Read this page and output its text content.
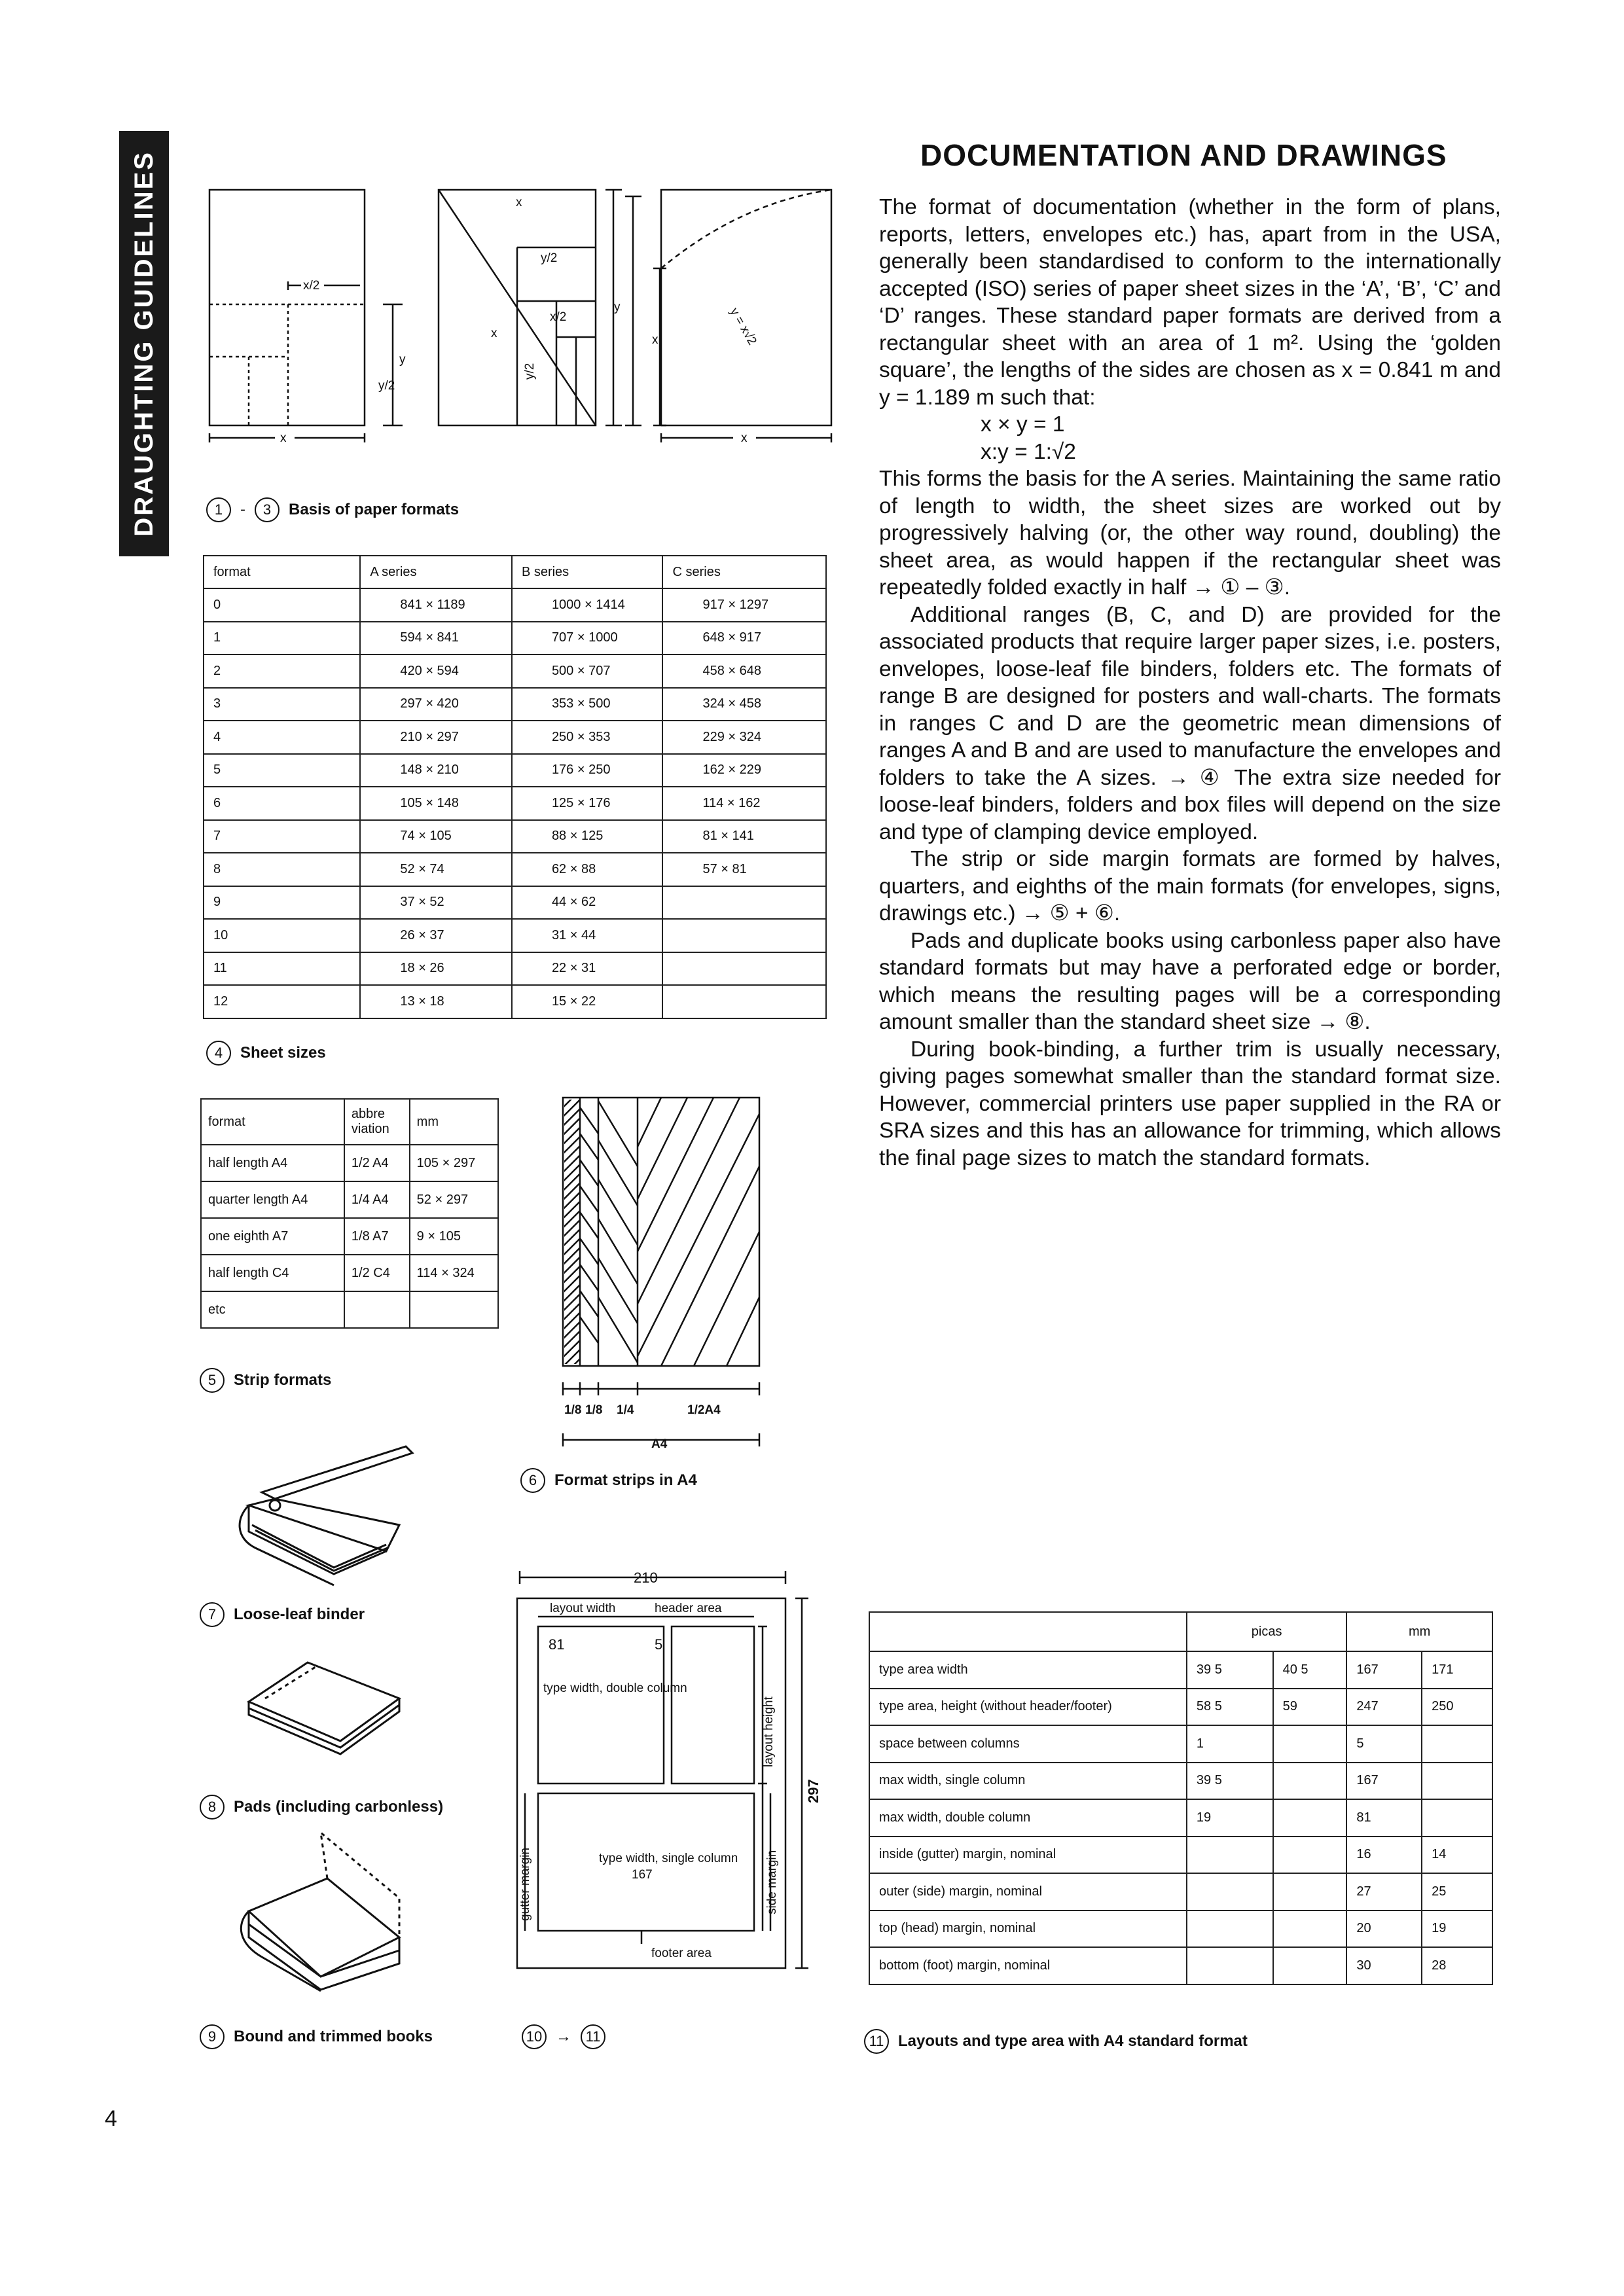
DRAUGHTING GUIDELINES	DOCUMENTATION AND DRAWINGS

The format of documentation (whether in the form of plans, reports, letters, envelopes etc.) has, apart from in the USA, generally been standardised to conform to the internationally accepted (ISO) series of paper sheet sizes in the ‘A’, ‘B’, ‘C’ and ‘D’ ranges. These standard paper formats are derived from a rectangular sheet with an area of 1 m². Using the ‘golden square’, the lengths of the sides are chosen as x = 0.841 m and y = 1.189 m such that:

x × y = 1

x:y = 1:√2

This forms the basis for the A series. Maintaining the same ratio of length to width, the sheet sizes are worked out by progressively halving (or, the other way round, doubling) the sheet area, as would happen if the rectangular sheet was repeatedly folded exactly in half → ① – ③.

Additional ranges (B, C, and D) are provided for the associated products that require larger paper sizes, i.e. posters, envelopes, loose-leaf file binders, folders etc. The formats of range B are designed for posters and wall-charts. The formats in ranges C and D are the geometric mean dimensions of ranges A and B and are used to manufacture the envelopes and folders to take the A sizes. → ④ The extra size needed for loose-leaf binders, folders and box files will depend on the size and type of clamping device employed.

The strip or side margin formats are formed by halves, quarters, and eighths of the main formats (for envelopes, signs, drawings etc.) → ⑤ + ⑥.

Pads and duplicate books using carbonless paper also have standard formats but may have a perforated edge or border, which means the resulting pages will be a corresponding amount smaller than the standard sheet size → ⑧.

During book-binding, a further trim is usually necessary, giving pages somewhat smaller than the standard format size. However, commercial printers use paper supplied in the RA or SRA sizes and this has an allowance for trimming, which allows the final page sizes to match the standard formats.

x
x/2
y
y/2
x
y/2
x/2
x
y
y/2
x	y = x√2
x
1	-	3	Basis of paper formats
format	A series	B series	C series
0	841 × 1189	1000 × 1414	917 × 1297
1	594 × 841	707 × 1000	648 × 917
2	420 × 594	500 × 707	458 × 648
3	297 × 420	353 × 500	324 × 458
4	210 × 297	250 × 353	229 × 324
5	148 × 210	176 × 250	162 × 229
6	105 × 148	125 × 176	114 × 162
7	74 × 105	88 × 125	81 × 141
8	52 × 74	62 × 88	57 × 81
9	37 × 52	44 × 62	
10	26 × 37	31 × 44	
11	18 × 26	22 × 31	
12	13 × 18	15 × 22	
4	Sheet sizes
format	abbre viation	mm
half length A4	1/2 A4	105 × 297
quarter length A4	1/4 A4	52 × 297
one eighth A7	1/8 A7	9 × 105
half length C4	1/2 C4	114 × 324
etc		
5	Strip formats
1/8 1/8 1/4	1/2A4
A4
6	Format strips in A4
7	Loose-leaf binder
8	Pads (including carbonless)
9	Bound and trimmed books
210
layout width	header area
81	5
type width, double column
type width, single column
167
footer area
layout height
gutter margin	side margin
297
10 → 11
	picas		mm	
type area width	39 5	40 5	167	171
type area, height (without header/footer)	58 5	59	247	250
space between columns	1		5	
max width, single column	39 5		167	
max width, double column	19		81	
inside (gutter) margin, nominal			16	14
outer (side) margin, nominal			27	25
top (head) margin, nominal			20	19
bottom (foot) margin, nominal			30	28
11 Layouts and type area with A4 standard format
4
